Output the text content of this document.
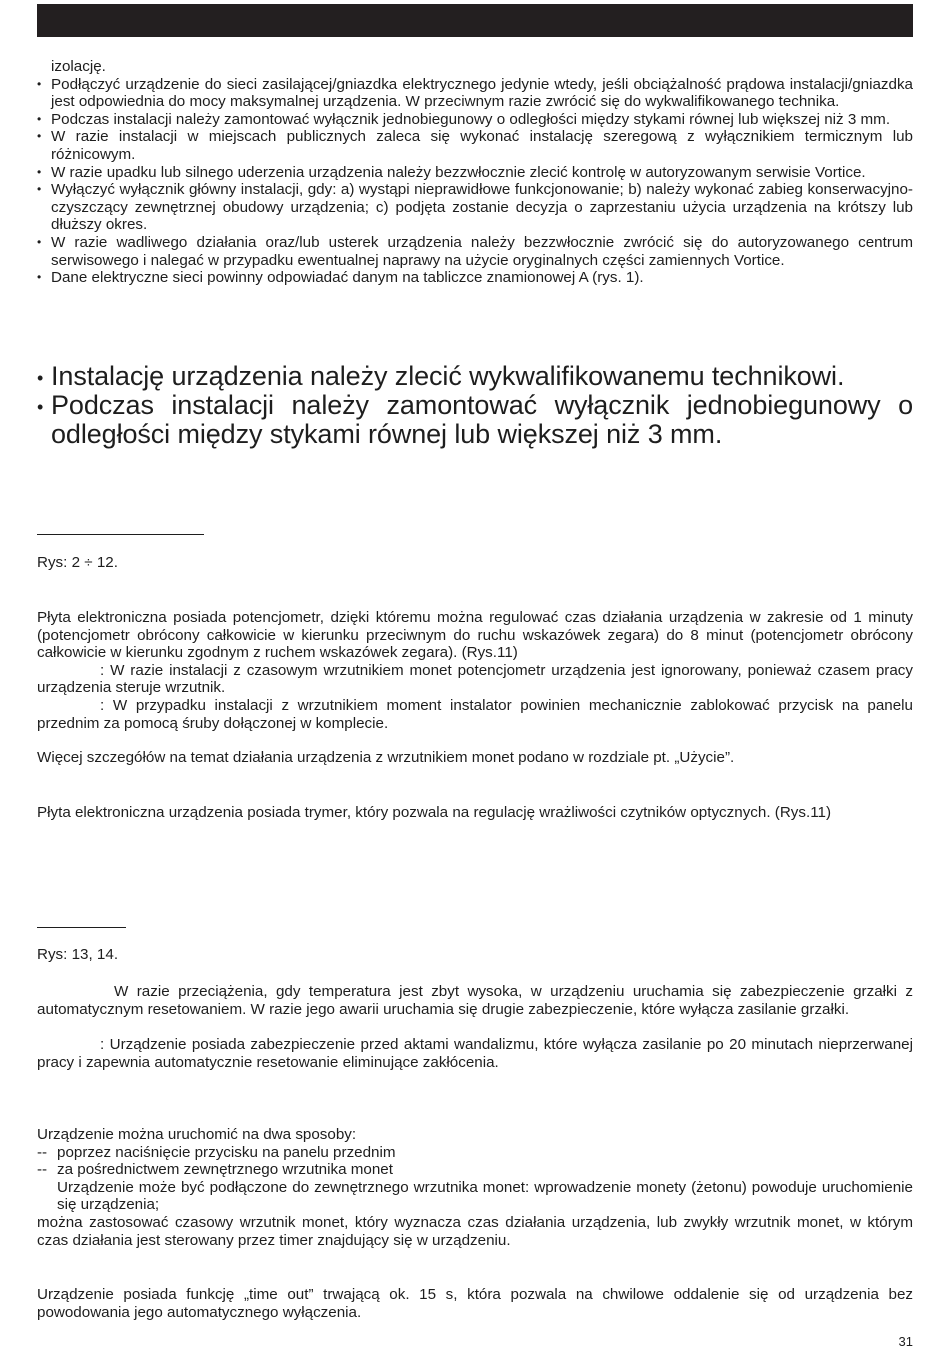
izolację.
• Podłączyć urządzenie do sieci zasilającej/gniazdka elektrycznego jedynie wtedy, jeśli obciążalność prądowa instalacji/gniazdka jest odpowiednia do mocy maksymalnej urządzenia. W przeciwnym razie zwrócić się do wykwalifikowanego technika.
• Podczas instalacji należy zamontować wyłącznik jednobiegunowy o odległości między stykami równej lub większej niż 3 mm.
• W razie instalacji w miejscach publicznych zaleca się wykonać instalację szeregową z wyłącznikiem termicznym lub różnicowym.
• W razie upadku lub silnego uderzenia urządzenia należy bezzwłocznie zlecić kontrolę w autoryzowanym serwisie Vortice.
• Wyłączyć wyłącznik główny instalacji, gdy: a) wystąpi nieprawidłowe funkcjonowanie; b) należy wykonać zabieg konserwacyjno-czyszczący zewnętrznej obudowy urządzenia; c) podjęta zostanie decyzja o zaprzestaniu użycia urządzenia na krótszy lub dłuższy okres.
• W razie wadliwego działania oraz/lub usterek urządzenia należy bezzwłocznie zwrócić się do autoryzowanego centrum serwisowego i nalegać w przypadku ewentualnej naprawy na użycie oryginalnych części zamiennych Vortice.
• Dane elektryczne sieci powinny odpowiadać danym na tabliczce znamionowej A (rys. 1).
• Instalację urządzenia należy zlecić wykwalifikowanemu technikowi.
• Podczas instalacji należy zamontować wyłącznik jednobiegunowy o odległości między stykami równej lub większej niż 3 mm.
Rys: 2 ÷ 12.
Płyta elektroniczna posiada potencjometr, dzięki któremu można regulować czas działania urządzenia w zakresie od 1 minuty (potencjometr obrócony całkowicie w kierunku przeciwnym do ruchu wskazówek zegara) do 8 minut (potencjometr obrócony całkowicie w kierunku zgodnym z ruchem wskazówek zegara). (Rys.11)
: W razie instalacji z czasowym wrzutnikiem monet potencjometr urządzenia jest ignorowany, ponieważ czasem pracy urządzenia steruje wrzutnik.
: W przypadku instalacji z wrzutnikiem moment instalator powinien mechanicznie zablokować przycisk na panelu przednim za pomocą śruby dołączonej w komplecie.
Więcej szczegółów na temat działania urządzenia z wrzutnikiem monet podano w rozdziale pt. „Użycie”.
Płyta elektroniczna urządzenia posiada trymer, który pozwala na regulację wrażliwości czytników optycznych. (Rys.11)
Rys: 13, 14.
W razie przeciążenia, gdy temperatura jest zbyt wysoka, w urządzeniu uruchamia się zabezpieczenie grzałki z automatycznym resetowaniem. W razie jego awarii uruchamia się drugie zabezpieczenie, które wyłącza zasilanie grzałki.
: Urządzenie posiada zabezpieczenie przed aktami wandalizmu, które wyłącza zasilanie po 20 minutach nieprzerwanej pracy i zapewnia automatycznie resetowanie eliminujące zakłócenia.
Urządzenie można uruchomić na dwa sposoby:
-- poprzez naciśnięcie przycisku na panelu przednim
-- za pośrednictwem zewnętrznego wrzutnika monet
Urządzenie może być podłączone do zewnętrznego wrzutnika monet: wprowadzenie monety (żetonu) powoduje uruchomienie się urządzenia;
można zastosować czasowy wrzutnik monet, który wyznacza czas działania urządzenia, lub zwykły wrzutnik monet, w którym czas działania jest sterowany przez timer znajdujący się w urządzeniu.
Urządzenie posiada funkcję „time out” trwającą ok. 15 s, która pozwala na chwilowe oddalenie się od urządzenia bez powodowania jego automatycznego wyłączenia.
31
